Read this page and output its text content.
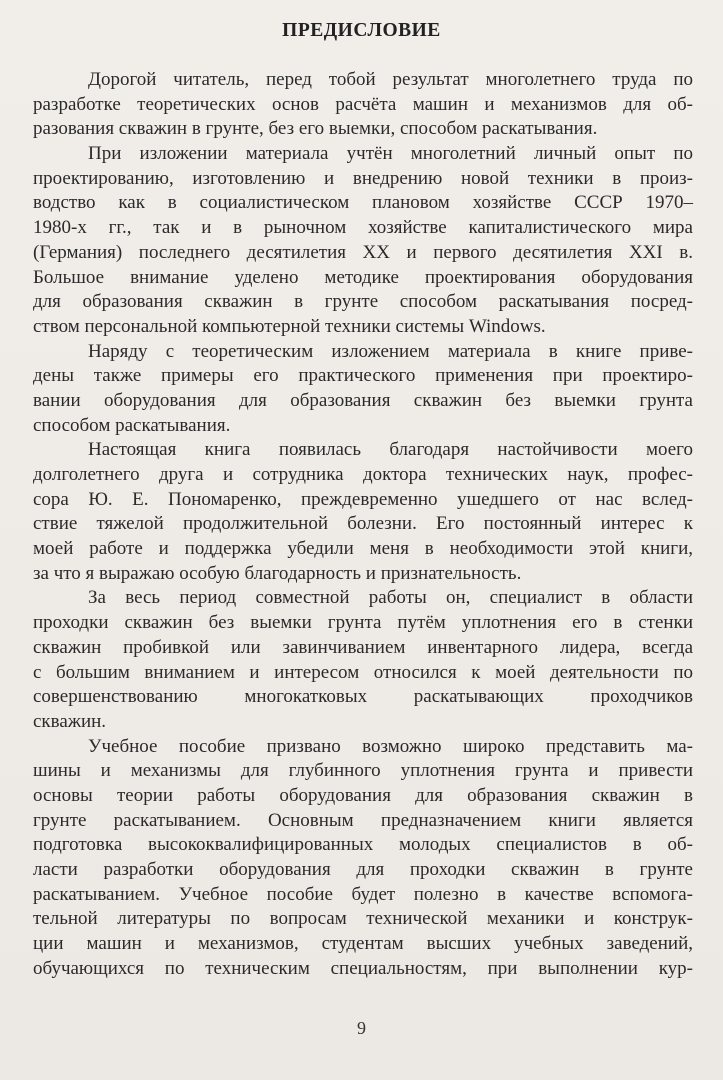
ПРЕДИСЛОВИЕ
Дорогой читатель, перед тобой результат многолетнего труда по
разработке теоретических основ расчёта машин и механизмов для об-
разования скважин в грунте, без его выемки, способом раскатывания.
При изложении материала учтён многолетний личный опыт по
проектированию, изготовлению и внедрению новой техники в произ-
водство как в социалистическом плановом хозяйстве СССР 1970–
1980-х гг., так и в рыночном хозяйстве капиталистического мира
(Германия) последнего десятилетия XX и первого десятилетия XXI в.
Большое внимание уделено методике проектирования оборудования
для образования скважин в грунте способом раскатывания посред-
ством персональной компьютерной техники системы Windows.
Наряду с теоретическим изложением материала в книге приве-
дены также примеры его практического применения при проектиро-
вании оборудования для образования скважин без выемки грунта
способом раскатывания.
Настоящая книга появилась благодаря настойчивости моего
долголетнего друга и сотрудника доктора технических наук, профес-
сора Ю. Е. Пономаренко, преждевременно ушедшего от нас вслед-
ствие тяжелой продолжительной болезни. Его постоянный интерес к
моей работе и поддержка убедили меня в необходимости этой книги,
за что я выражаю особую благодарность и признательность.
За весь период совместной работы он, специалист в области
проходки скважин без выемки грунта путём уплотнения его в стенки
скважин пробивкой или завинчиванием инвентарного лидера, всегда
с большим вниманием и интересом относился к моей деятельности по
совершенствованию многокатковых раскатывающих проходчиков
скважин.
Учебное пособие призвано возможно широко представить ма-
шины и механизмы для глубинного уплотнения грунта и привести
основы теории работы оборудования для образования скважин в
грунте раскатыванием. Основным предназначением книги является
подготовка высококвалифицированных молодых специалистов в об-
ласти разработки оборудования для проходки скважин в грунте
раскатыванием. Учебное пособие будет полезно в качестве вспомога-
тельной литературы по вопросам технической механики и конструк-
ции машин и механизмов, студентам высших учебных заведений,
обучающихся по техническим специальностям, при выполнении кур-
9
